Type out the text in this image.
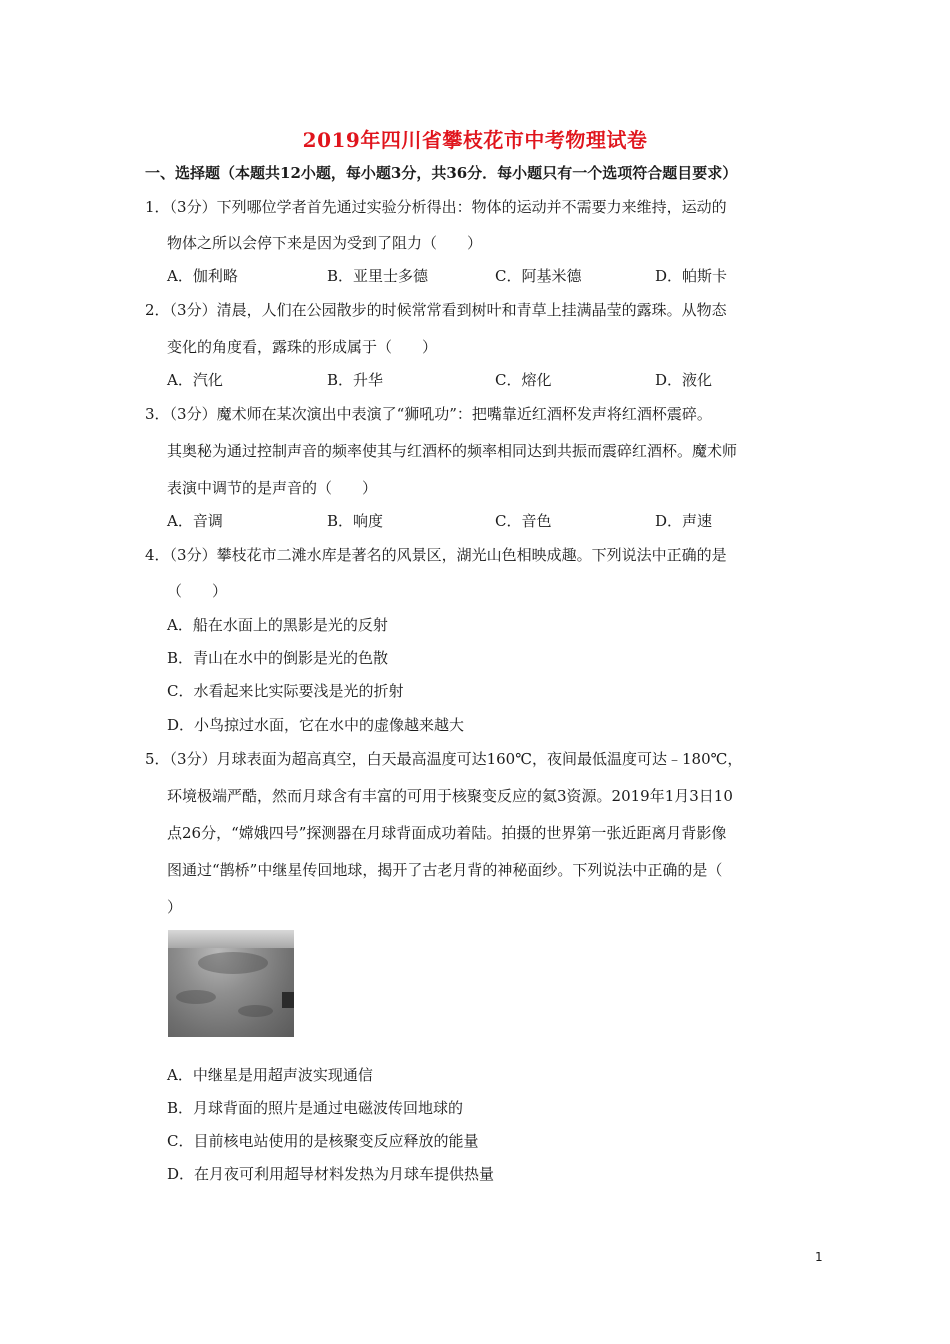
2019年四川省攀枝花市中考物理试卷
一、选择题（本题共12小题，每小题3分，共36分．每小题只有一个选项符合题目要求）
1．（3分）下列哪位学者首先通过实验分析得出：物体的运动并不需要力来维持，运动的
物体之所以会停下来是因为受到了阻力（　　）
A．伽利略	B．亚里士多德	C．阿基米德	D．帕斯卡
2．（3分）清晨，人们在公园散步的时候常常看到树叶和青草上挂满晶莹的露珠。从物态
变化的角度看，露珠的形成属于（　　）
A．汽化	B．升华	C．熔化	D．液化
3．（3分）魔术师在某次演出中表演了“狮吼功”：把嘴靠近红酒杯发声将红酒杯震碎。
其奥秘为通过控制声音的频率使其与红酒杯的频率相同达到共振而震碎红酒杯。魔术师
表演中调节的是声音的（　　）
A．音调	B．响度	C．音色	D．声速
4．（3分）攀枝花市二滩水库是著名的风景区，湖光山色相映成趣。下列说法中正确的是
（　　）
A．船在水面上的黑影是光的反射
B．青山在水中的倒影是光的色散
C．水看起来比实际要浅是光的折射
D．小鸟掠过水面，它在水中的虚像越来越大
5．（3分）月球表面为超高真空，白天最高温度可达160℃，夜间最低温度可达﹣180℃，
环境极端严酷，然而月球含有丰富的可用于核聚变反应的氦3资源。2019年1月3日10
点26分，“嫦娥四号”探测器在月球背面成功着陆。拍摄的世界第一张近距离月背影像
图通过“鹊桥”中继星传回地球，揭开了古老月背的神秘面纱。下列说法中正确的是（
）
A．中继星是用超声波实现通信
B．月球背面的照片是通过电磁波传回地球的
C．目前核电站使用的是核聚变反应释放的能量
D．在月夜可利用超导材料发热为月球车提供热量
1
